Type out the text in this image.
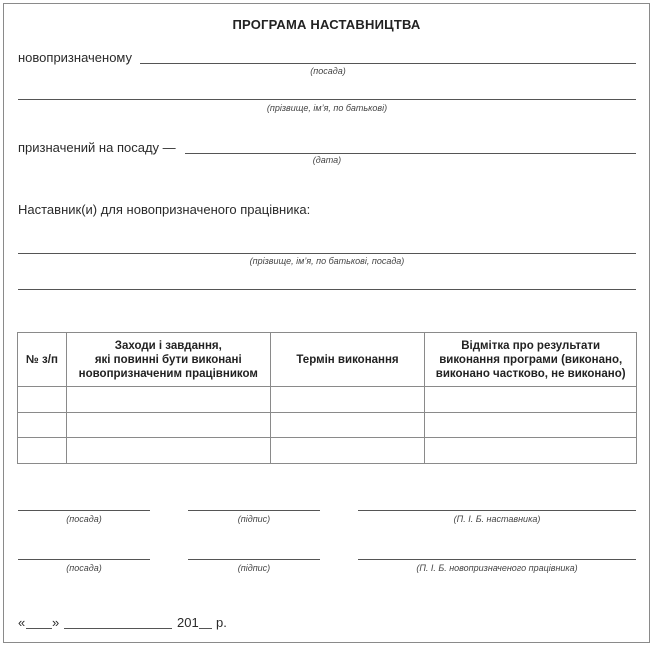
ПРОГРАМА НАСТАВНИЦТВА
новопризначеному
(посада)
(прізвище, ім’я, по батькові)
призначений на посаду —
(дата)
Наставник(и) для новопризначеного працівника:
(прізвище, ім’я, по батькові, посада)
№ з/п	Заходи і завдання,
які повинні бути виконані
новопризначеним працівником	Термін виконання	Відмітка про результати
виконання програми (виконано,
виконано частково, не виконано)

(посада)	(підпис)	(П. І. Б. наставника)
(посада)	(підпис)	(П. І. Б. новопризначеного працівника)
« »	201 р.
